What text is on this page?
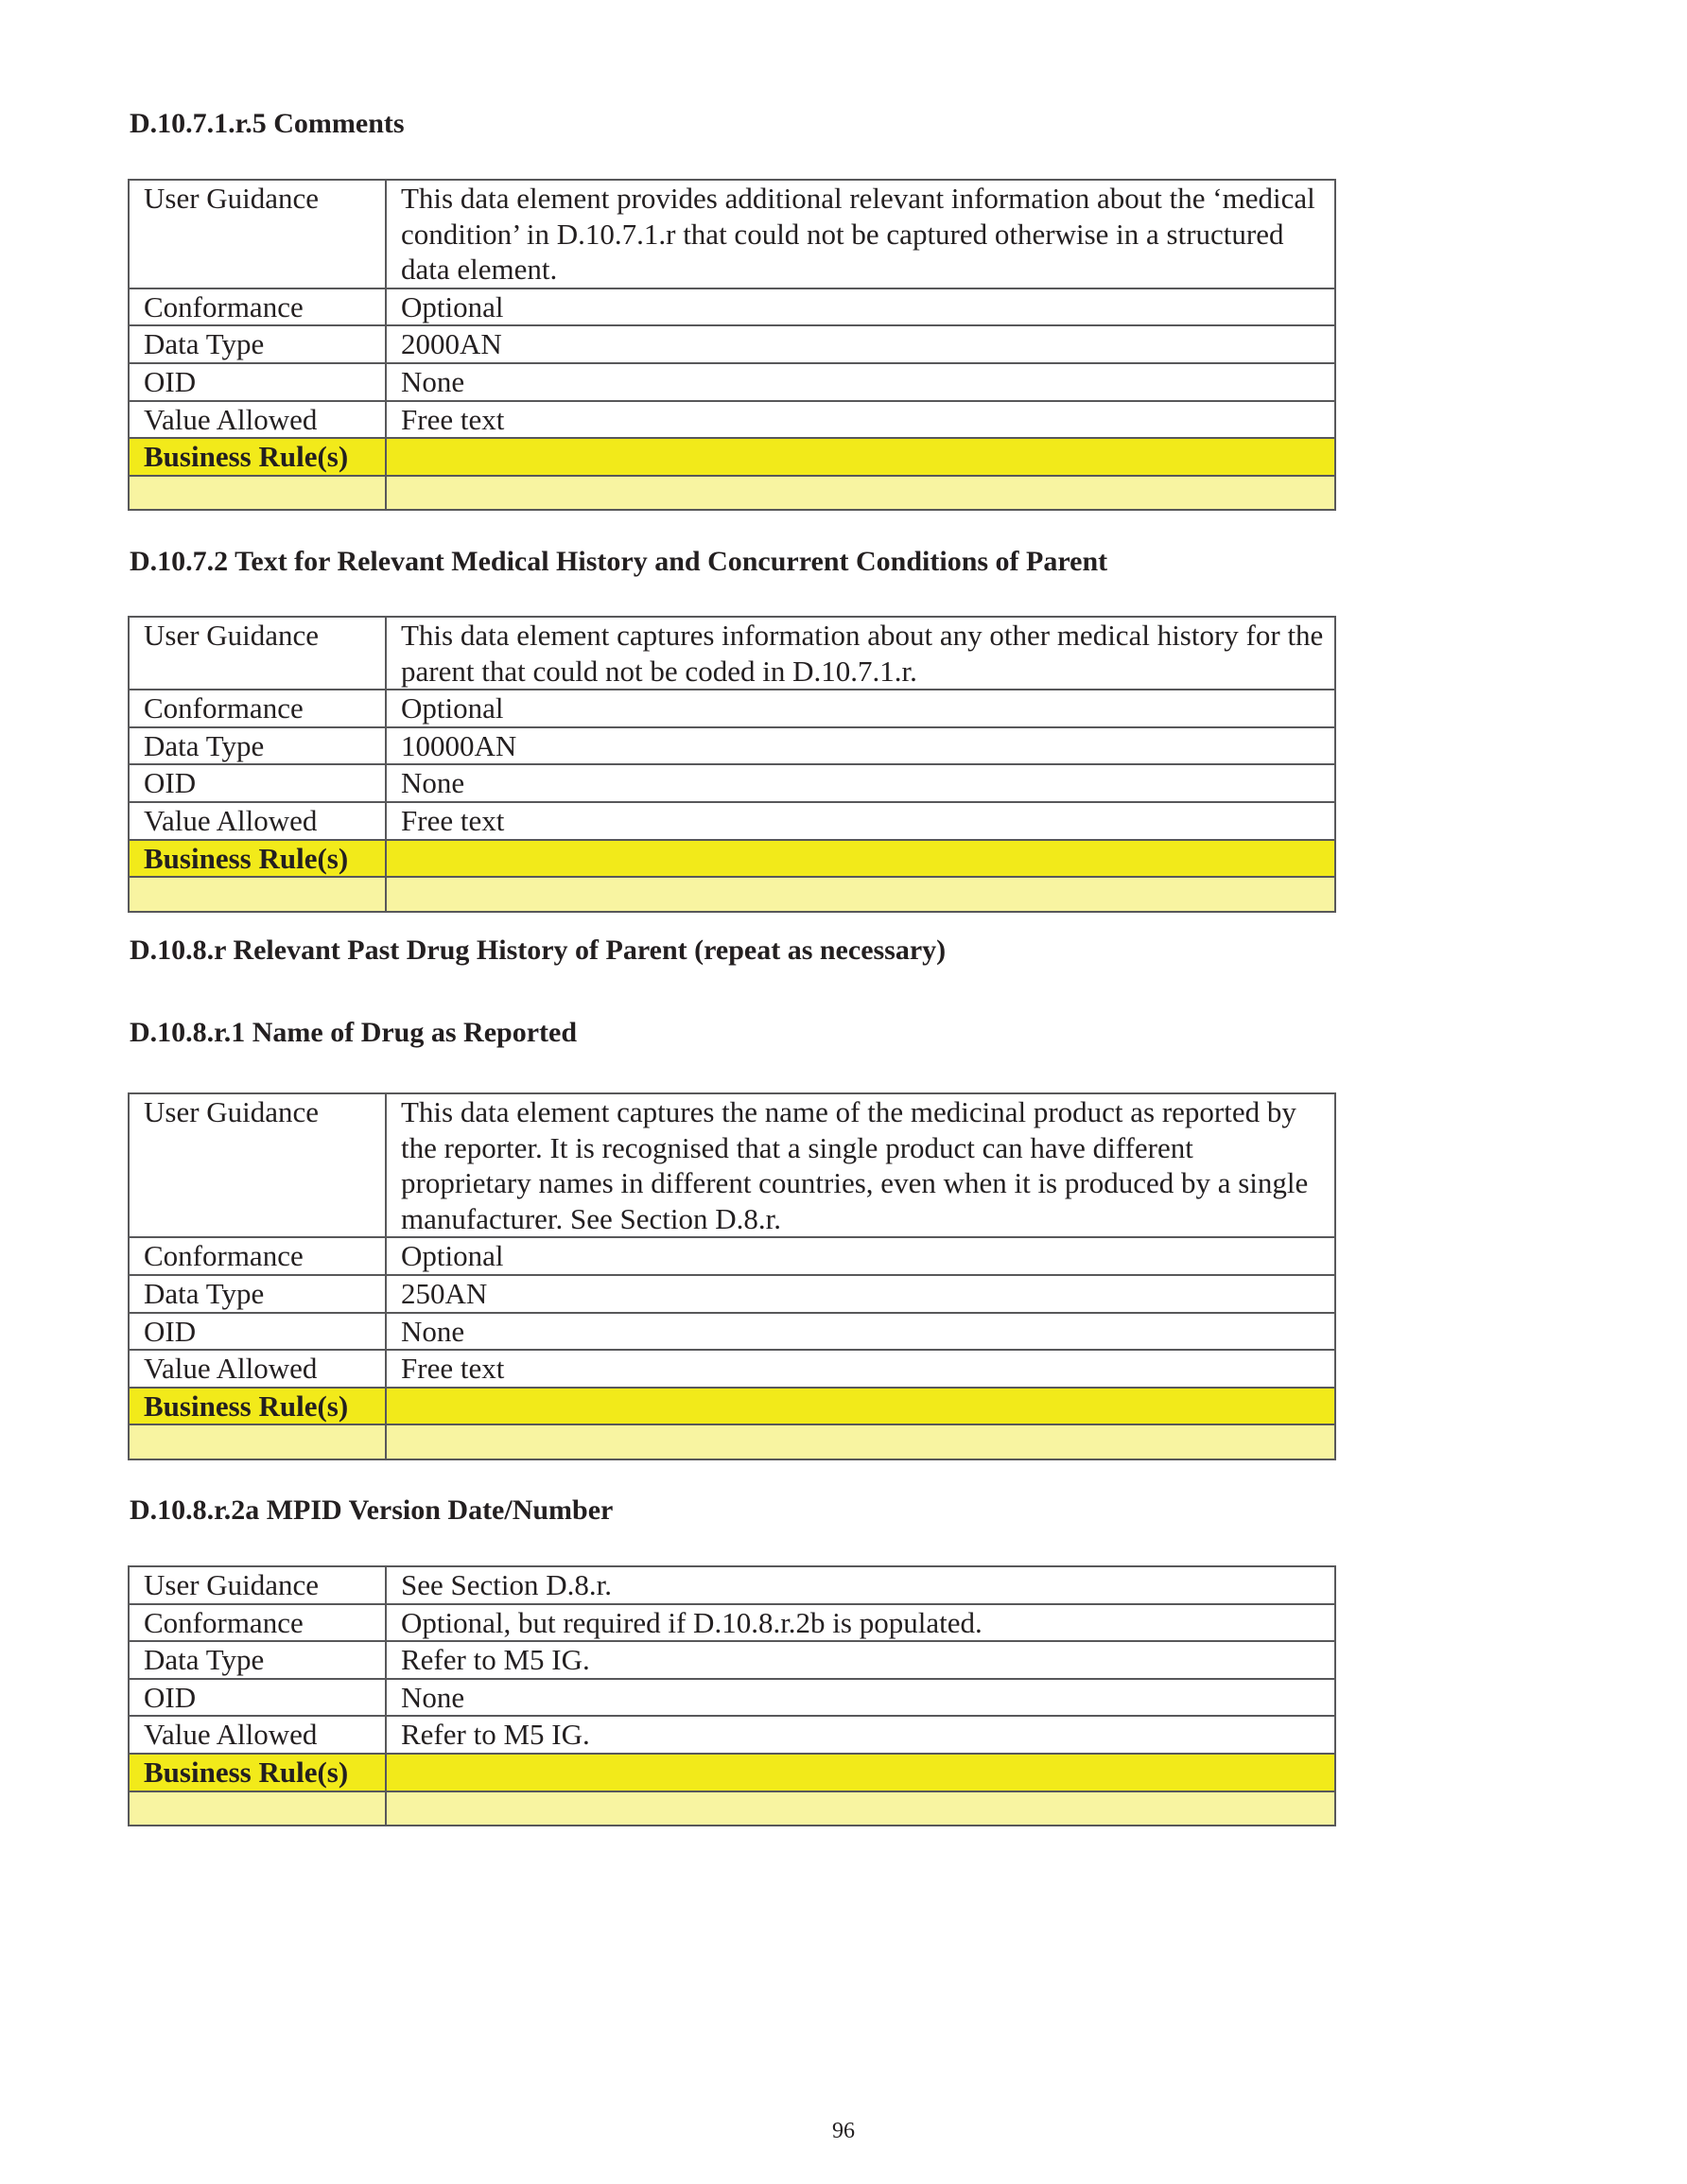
D.10.7.1.r.5 Comments
User Guidance	This data element provides additional relevant information about the ‘medical condition’ in D.10.7.1.r that could not be captured otherwise in a structured data element.
Conformance	Optional
Data Type	2000AN
OID	None
Value Allowed	Free text
Business Rule(s)	

D.10.7.2 Text for Relevant Medical History and Concurrent Conditions of Parent
User Guidance	This data element captures information about any other medical history for the parent that could not be coded in D.10.7.1.r.
Conformance	Optional
Data Type	10000AN
OID	None
Value Allowed	Free text
Business Rule(s)	

D.10.8.r Relevant Past Drug History of Parent (repeat as necessary)
D.10.8.r.1 Name of Drug as Reported
User Guidance	This data element captures the name of the medicinal product as reported by the reporter. It is recognised that a single product can have different proprietary names in different countries, even when it is produced by a single manufacturer. See Section D.8.r.
Conformance	Optional
Data Type	250AN
OID	None
Value Allowed	Free text
Business Rule(s)	

D.10.8.r.2a MPID Version Date/Number
User Guidance	See Section D.8.r.
Conformance	Optional, but required if D.10.8.r.2b is populated.
Data Type	Refer to M5 IG.
OID	None
Value Allowed	Refer to M5 IG.
Business Rule(s)	

96
